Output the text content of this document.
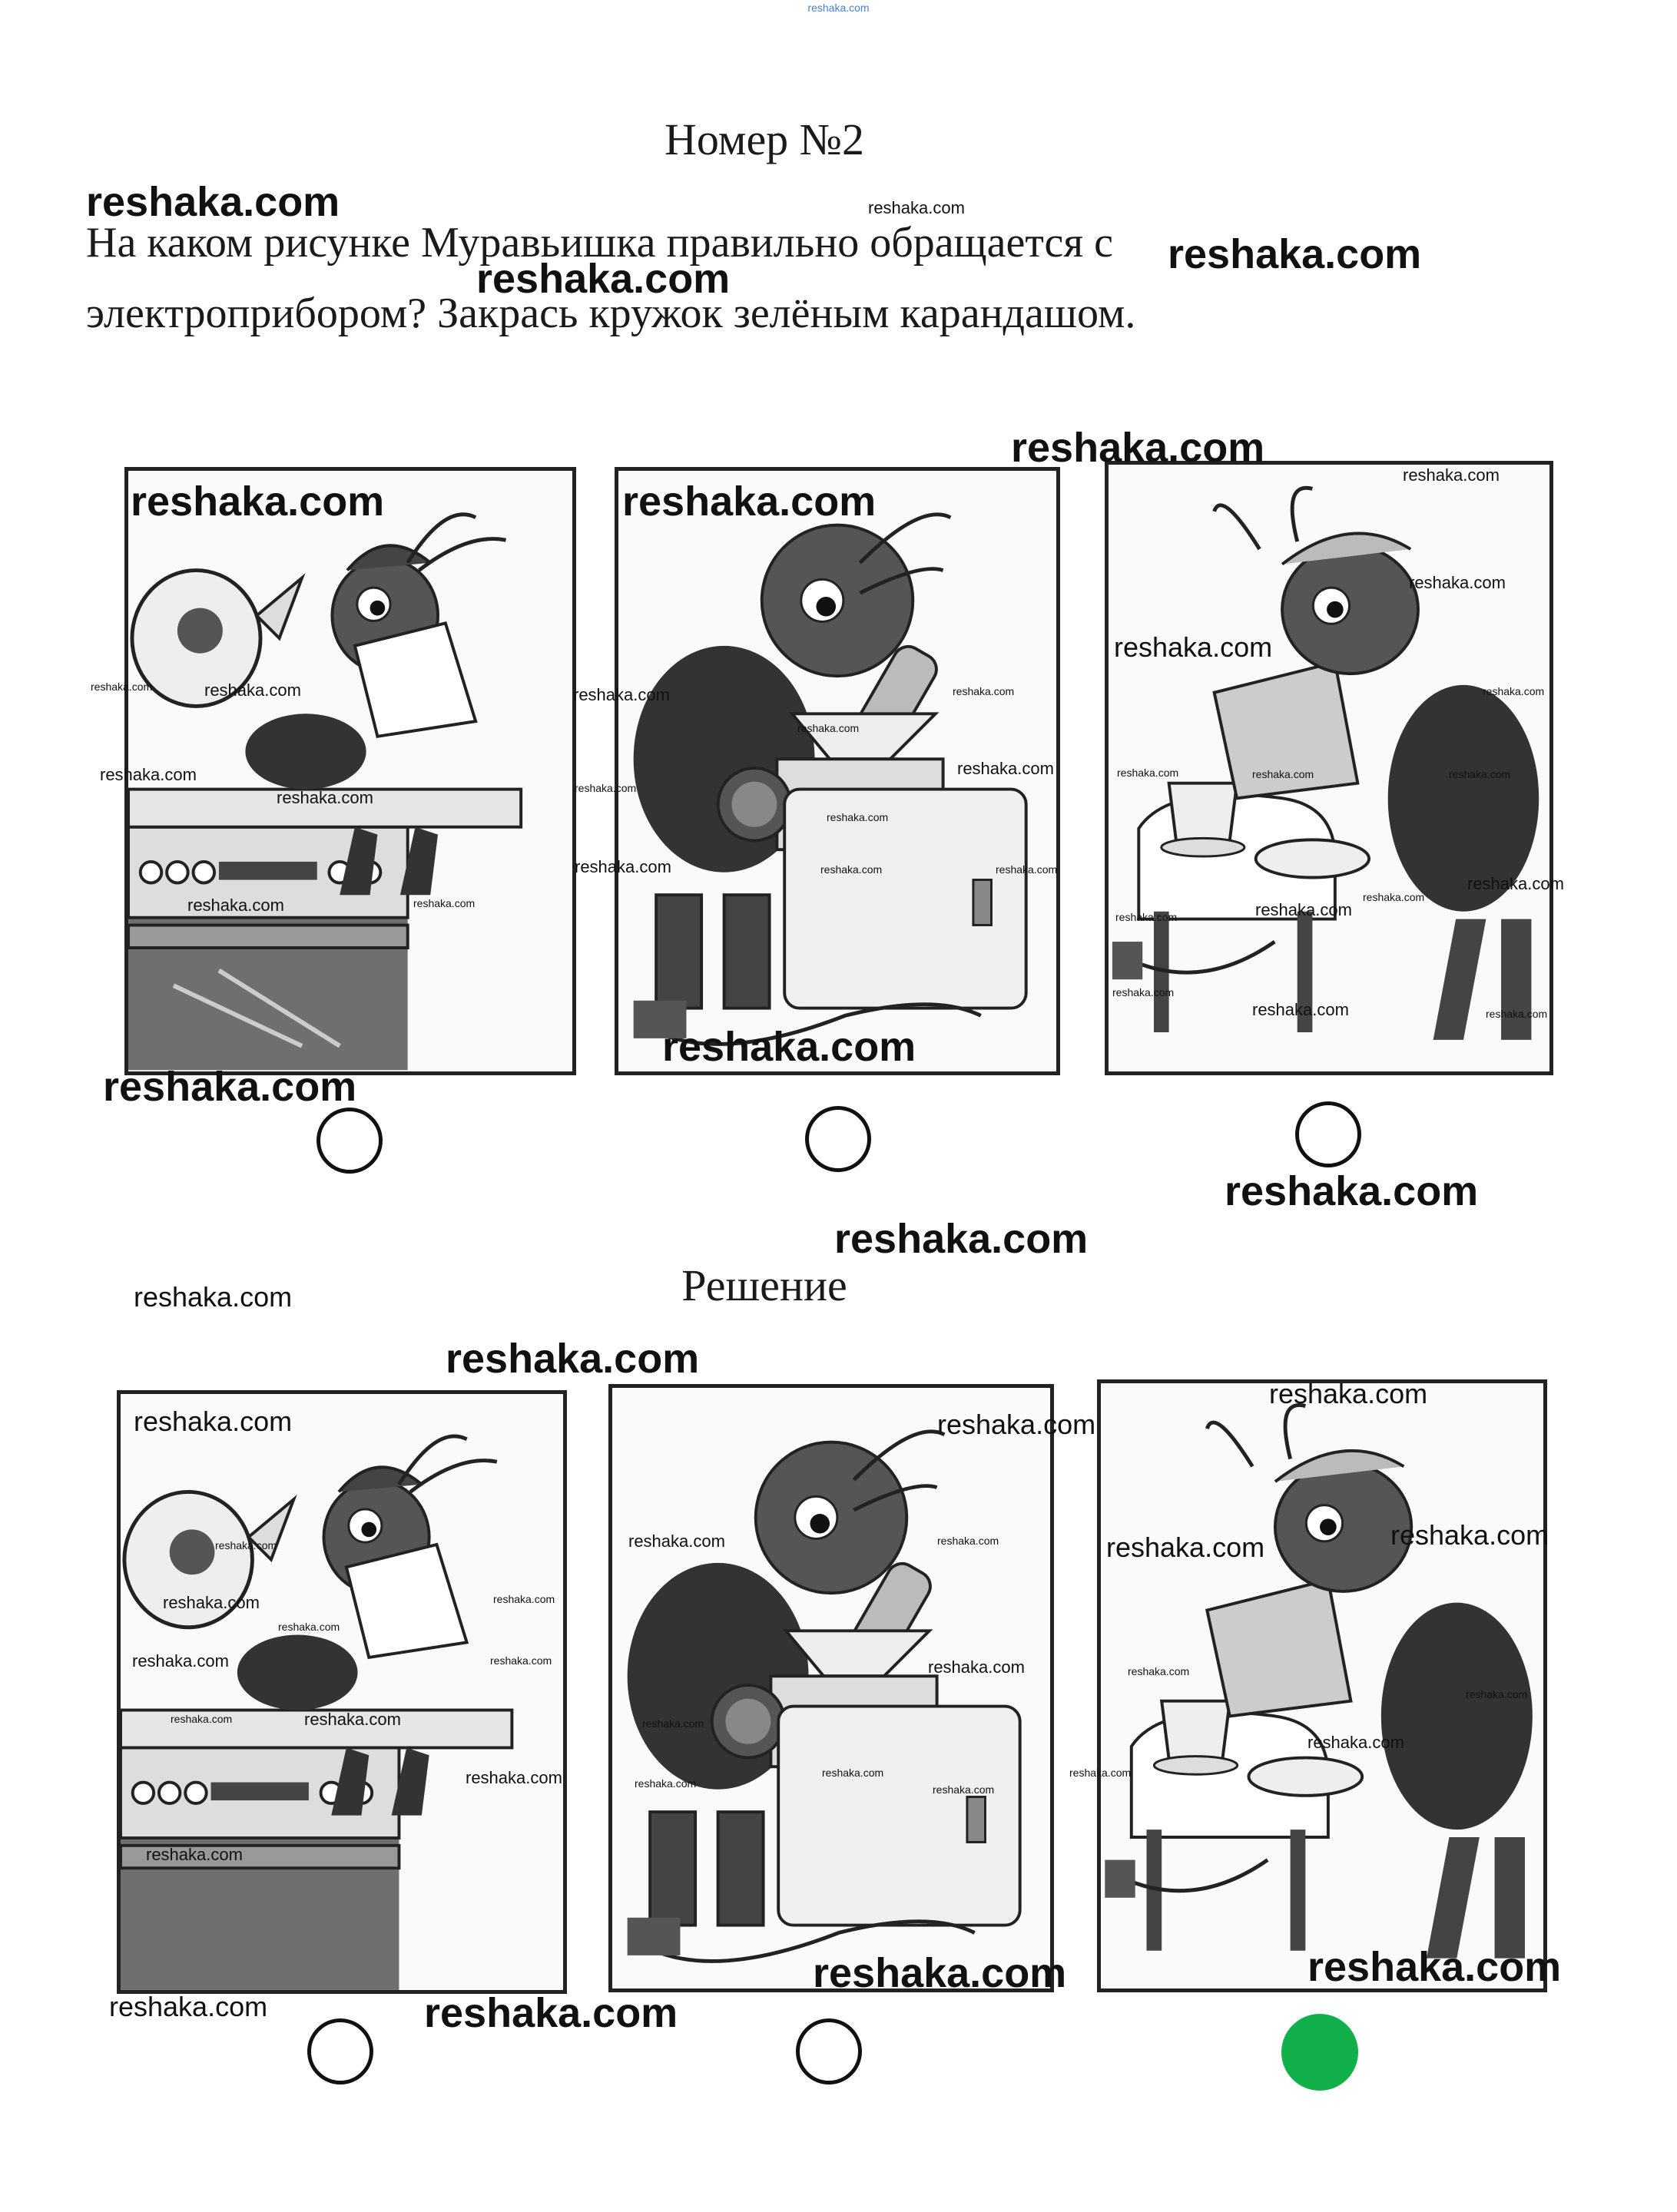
reshaka.com
Номер №2
На каком рисунке Муравьишка правильно обращается с
электроприбором? Закрась кружок зелёным карандашом.
Решение
reshaka.com	reshaka.com
reshaka.com
reshaka.com
reshaka.com
reshaka.com	reshaka.com
reshaka.com
reshaka.com
reshaka.com
reshaka.com	reshaka.com	reshaka.com	reshaka.com	reshaka.com
reshaka.com
reshaka.com	reshaka.com	reshaka.com	reshaka.com	reshaka.com
reshaka.com	reshaka.com
reshaka.com
reshaka.com	reshaka.com	reshaka.com
reshaka.com
reshaka.com
reshaka.com	reshaka.com	reshaka.com
reshaka.com
reshaka.com
reshaka.com	reshaka.com
reshaka.com
reshaka.com
reshaka.com
reshaka.com
reshaka.com
reshaka.com
reshaka.com
reshaka.com	reshaka.com
reshaka.com
reshaka.com	reshaka.com	reshaka.com
reshaka.com
reshaka.com
reshaka.com
reshaka.com
reshaka.com
reshaka.com	reshaka.com	reshaka.com
reshaka.com
reshaka.com	reshaka.com	reshaka.com
reshaka.com
reshaka.com	reshaka.com
reshaka.com	reshaka.com	reshaka.com
reshaka.com
reshaka.com
reshaka.com
reshaka.com	reshaka.com
